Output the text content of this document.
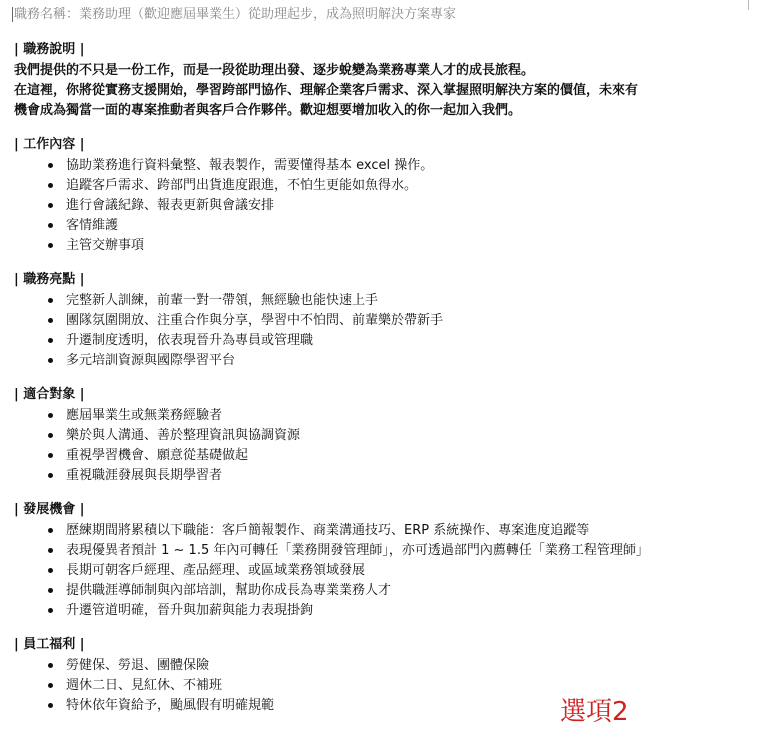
職務名稱：業務助理（歡迎應屆畢業生）從助理起步，成為照明解決方案專家
| 職務說明 |

我們提供的不只是一份工作，而是一段從助理出發、逐步蛻變為業務專業人才的成長旅程。

在這裡，你將從實務支援開始，學習跨部門協作、理解企業客戶需求、深入掌握照明解決方案的價值，未來有

機會成為獨當一面的專案推動者與客戶合作夥伴。歡迎想要增加收入的你一起加入我們。

| 工作內容 |
協助業務進行資料彙整、報表製作，需要懂得基本 excel 操作。
追蹤客戶需求、跨部門出貨進度跟進，不怕生更能如魚得水。
進行會議紀錄、報表更新與會議安排
客情維護
主管交辦事項
| 職務亮點 |
完整新人訓練，前輩一對一帶領，無經驗也能快速上手
團隊氛圍開放、注重合作與分享，學習中不怕問、前輩樂於帶新手
升遷制度透明，依表現晉升為專員或管理職
多元培訓資源與國際學習平台
| 適合對象 |
應屆畢業生或無業務經驗者
樂於與人溝通、善於整理資訊與協調資源
重視學習機會、願意從基礎做起
重視職涯發展與長期學習者
| 發展機會 |
歷練期間將累積以下職能：客戶簡報製作、商業溝通技巧、ERP 系統操作、專案進度追蹤等
表現優異者預計 1 ~ 1.5 年內可轉任「業務開發管理師」，亦可透過部門內薦轉任「業務工程管理師」
長期可朝客戶經理、產品經理、或區域業務領域發展
提供職涯導師制與內部培訓，幫助你成長為專業業務人才
升遷管道明確，晉升與加薪與能力表現掛鉤
| 員工福利 |
勞健保、勞退、團體保險
週休二日、見紅休、不補班
特休依年資給予，颱風假有明確規範	選項2
